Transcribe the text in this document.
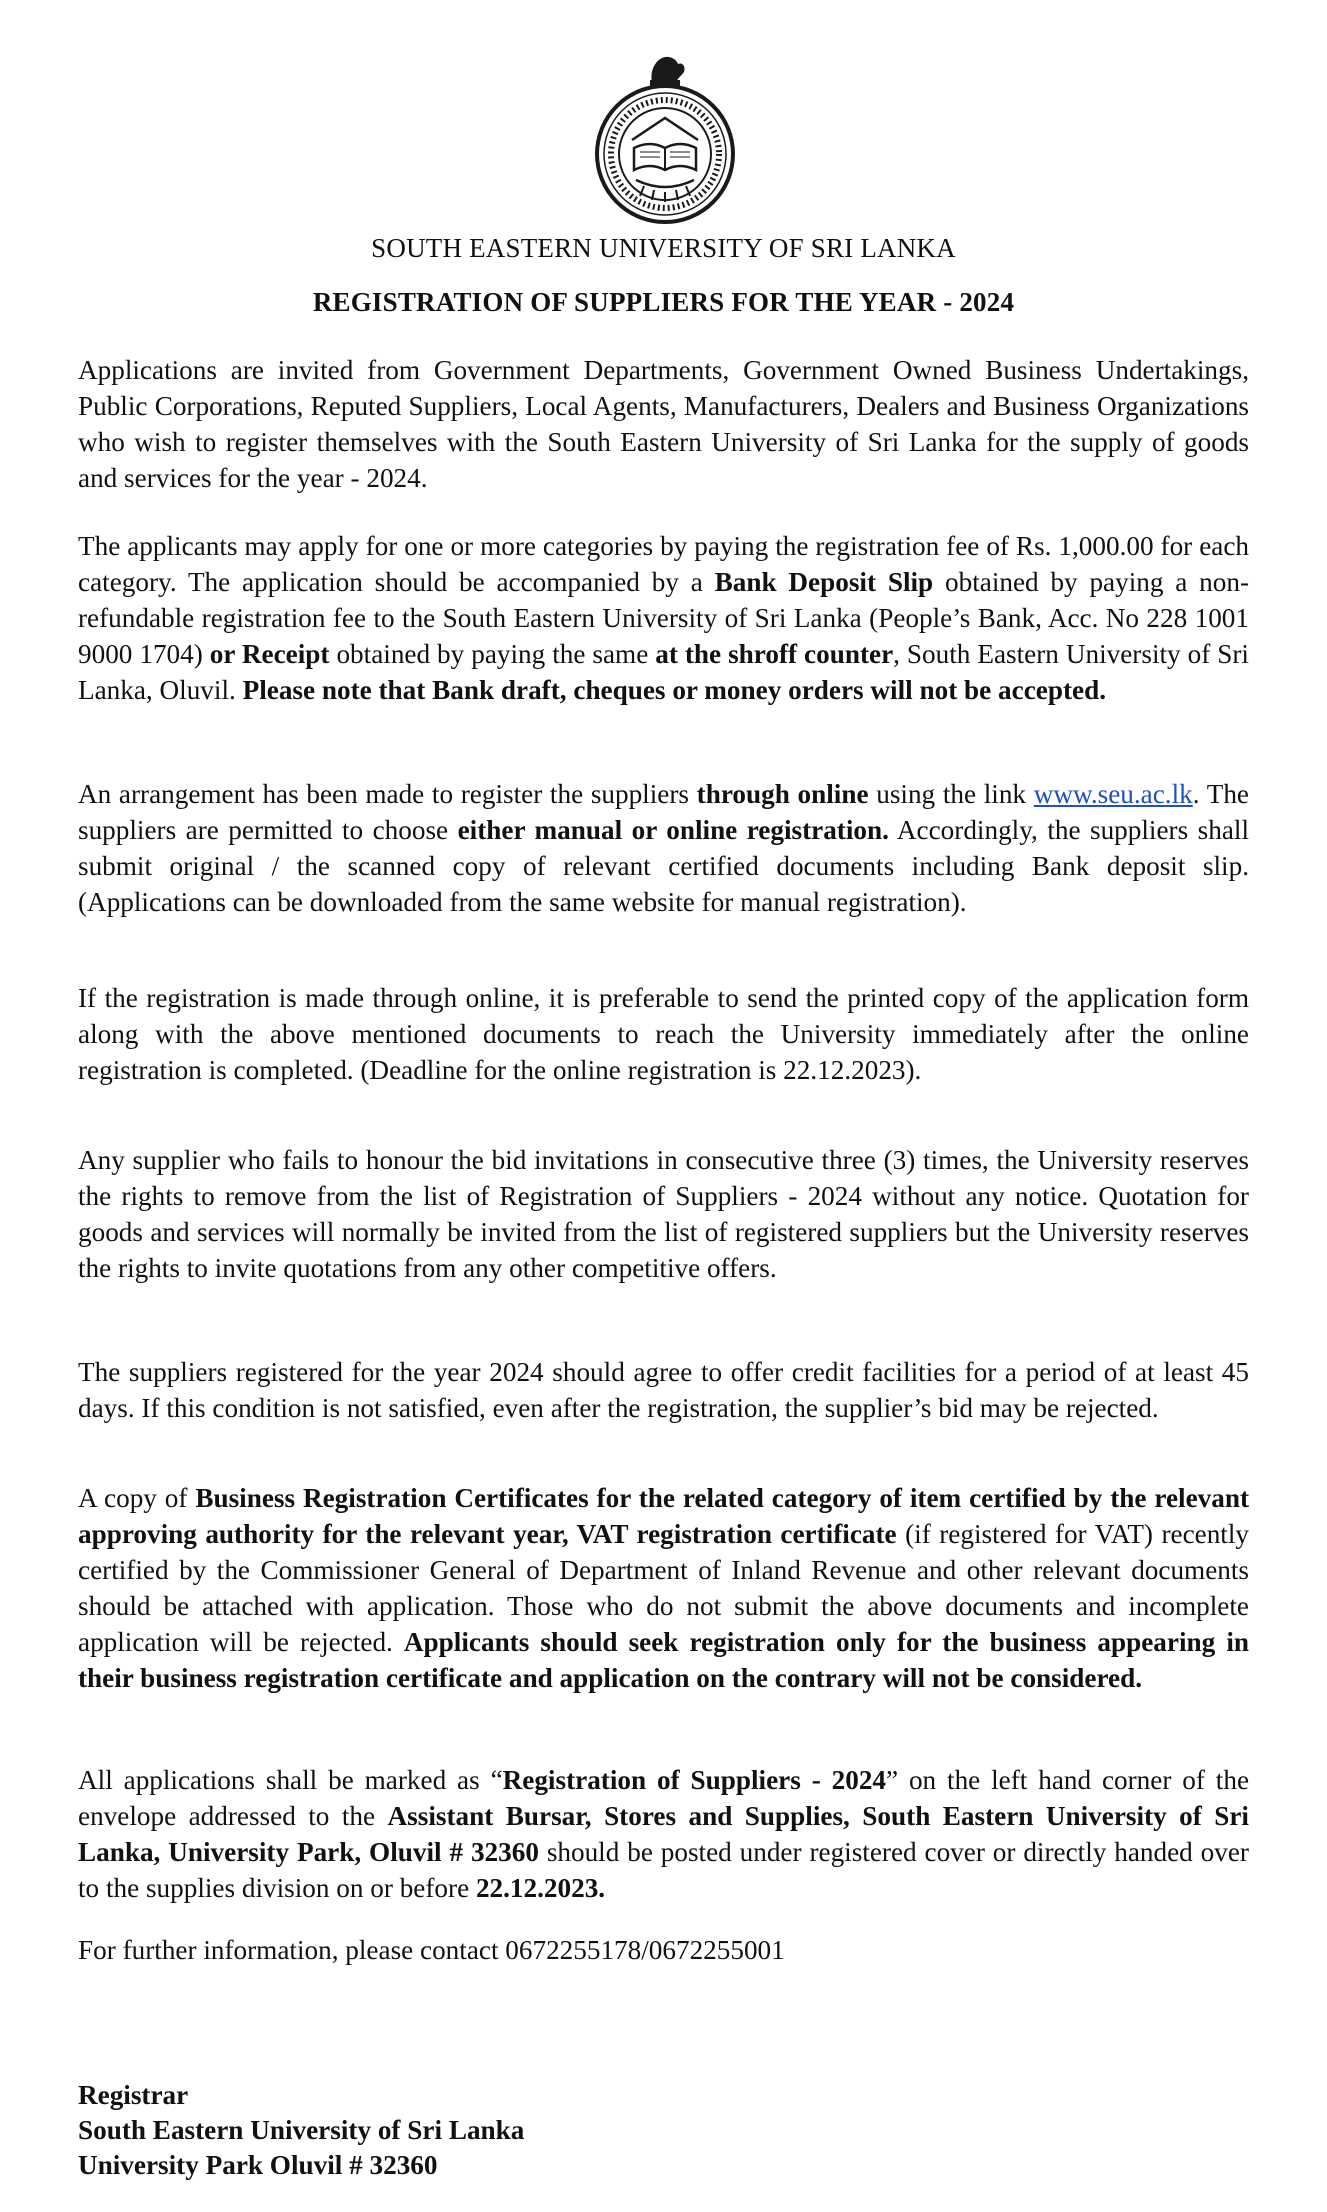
SOUTH EASTERN UNIVERSITY OF SRI LANKA
REGISTRATION OF SUPPLIERS FOR THE YEAR - 2024

Applications are invited from Government Departments, Government Owned Business Undertakings, Public Corporations, Reputed Suppliers, Local Agents, Manufacturers, Dealers and Business Organizations who wish to register themselves with the South Eastern University of Sri Lanka for the supply of goods and services for the year - 2024.

The applicants may apply for one or more categories by paying the registration fee of Rs. 1,000.00 for each category. The application should be accompanied by a Bank Deposit Slip obtained by paying a non-refundable registration fee to the South Eastern University of Sri Lanka (People’s Bank, Acc. No 228 1001 9000 1704) or Receipt obtained by paying the same at the shroff counter, South Eastern University of Sri Lanka, Oluvil. Please note that Bank draft, cheques or money orders will not be accepted.

An arrangement has been made to register the suppliers through online using the link www.seu.ac.lk. The suppliers are permitted to choose either manual or online registration. Accordingly, the suppliers shall submit original / the scanned copy of relevant certified documents including Bank deposit slip. (Applications can be downloaded from the same website for manual registration).

If the registration is made through online, it is preferable to send the printed copy of the application form along with the above mentioned documents to reach the University immediately after the online registration is completed. (Deadline for the online registration is 22.12.2023).

Any supplier who fails to honour the bid invitations in consecutive three (3) times, the University reserves the rights to remove from the list of Registration of Suppliers - 2024 without any notice. Quotation for goods and services will normally be invited from the list of registered suppliers but the University reserves the rights to invite quotations from any other competitive offers.

The suppliers registered for the year 2024 should agree to offer credit facilities for a period of at least 45 days. If this condition is not satisfied, even after the registration, the supplier’s bid may be rejected.

A copy of Business Registration Certificates for the related category of item certified by the relevant approving authority for the relevant year, VAT registration certificate (if registered for VAT) recently certified by the Commissioner General of Department of Inland Revenue and other relevant documents should be attached with application. Those who do not submit the above documents and incomplete application will be rejected. Applicants should seek registration only for the business appearing in their business registration certificate and application on the contrary will not be considered.

All applications shall be marked as “Registration of Suppliers - 2024” on the left hand corner of the envelope addressed to the Assistant Bursar, Stores and Supplies, South Eastern University of Sri Lanka, University Park, Oluvil # 32360 should be posted under registered cover or directly handed over to the supplies division on or before 22.12.2023.

For further information, please contact 0672255178/0672255001

Registrar
South Eastern University of Sri Lanka
University Park Oluvil # 32360
